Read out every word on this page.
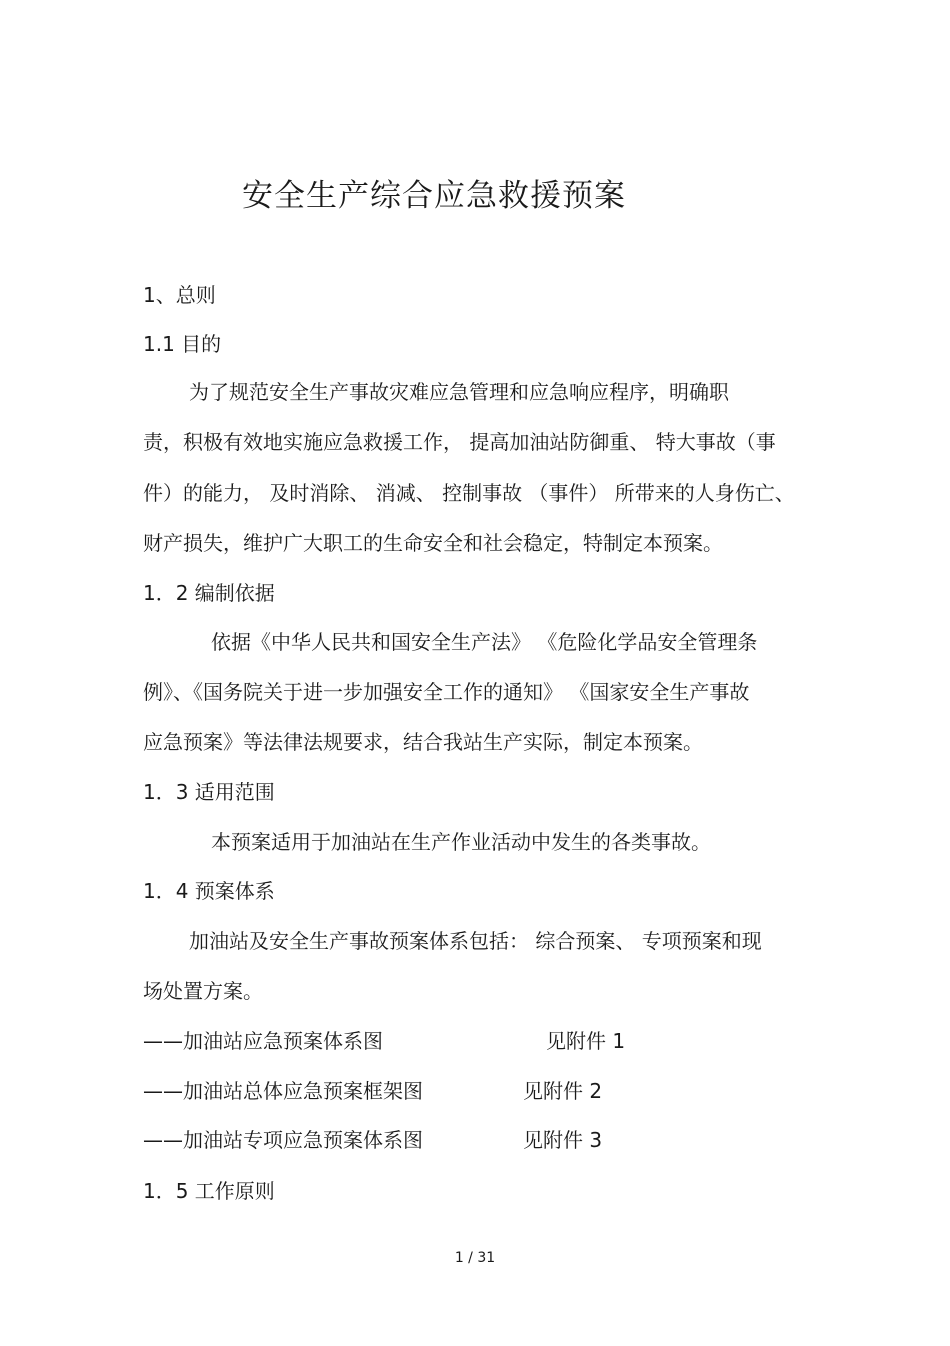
安全生产综合应急救援预案
1、总则
1.1 目的
为了规范安全生产事故灾难应急管理和应急响应程序，明确职
责，积极有效地实施应急救援工作， 提高加油站防御重、 特大事故（事
件）的能力， 及时消除、 消减、 控制事故 （事件） 所带来的人身伤亡、
财产损失，维护广大职工的生命安全和社会稳定，特制定本预案。
1．2 编制依据
依据《中华人民共和国安全生产法》 《危险化学品安全管理条
例》、《国务院关于进一步加强安全工作的通知》 《国家安全生产事故
应急预案》等法律法规要求，结合我站生产实际，制定本预案。
1．3 适用范围
本预案适用于加油站在生产作业活动中发生的各类事故。
1．4 预案体系
加油站及安全生产事故预案体系包括： 综合预案、 专项预案和现
场处置方案。
——加油站应急预案体系图	见附件 1
——加油站总体应急预案框架图	见附件 2
——加油站专项应急预案体系图	见附件 3
1．5 工作原则
1 / 31
